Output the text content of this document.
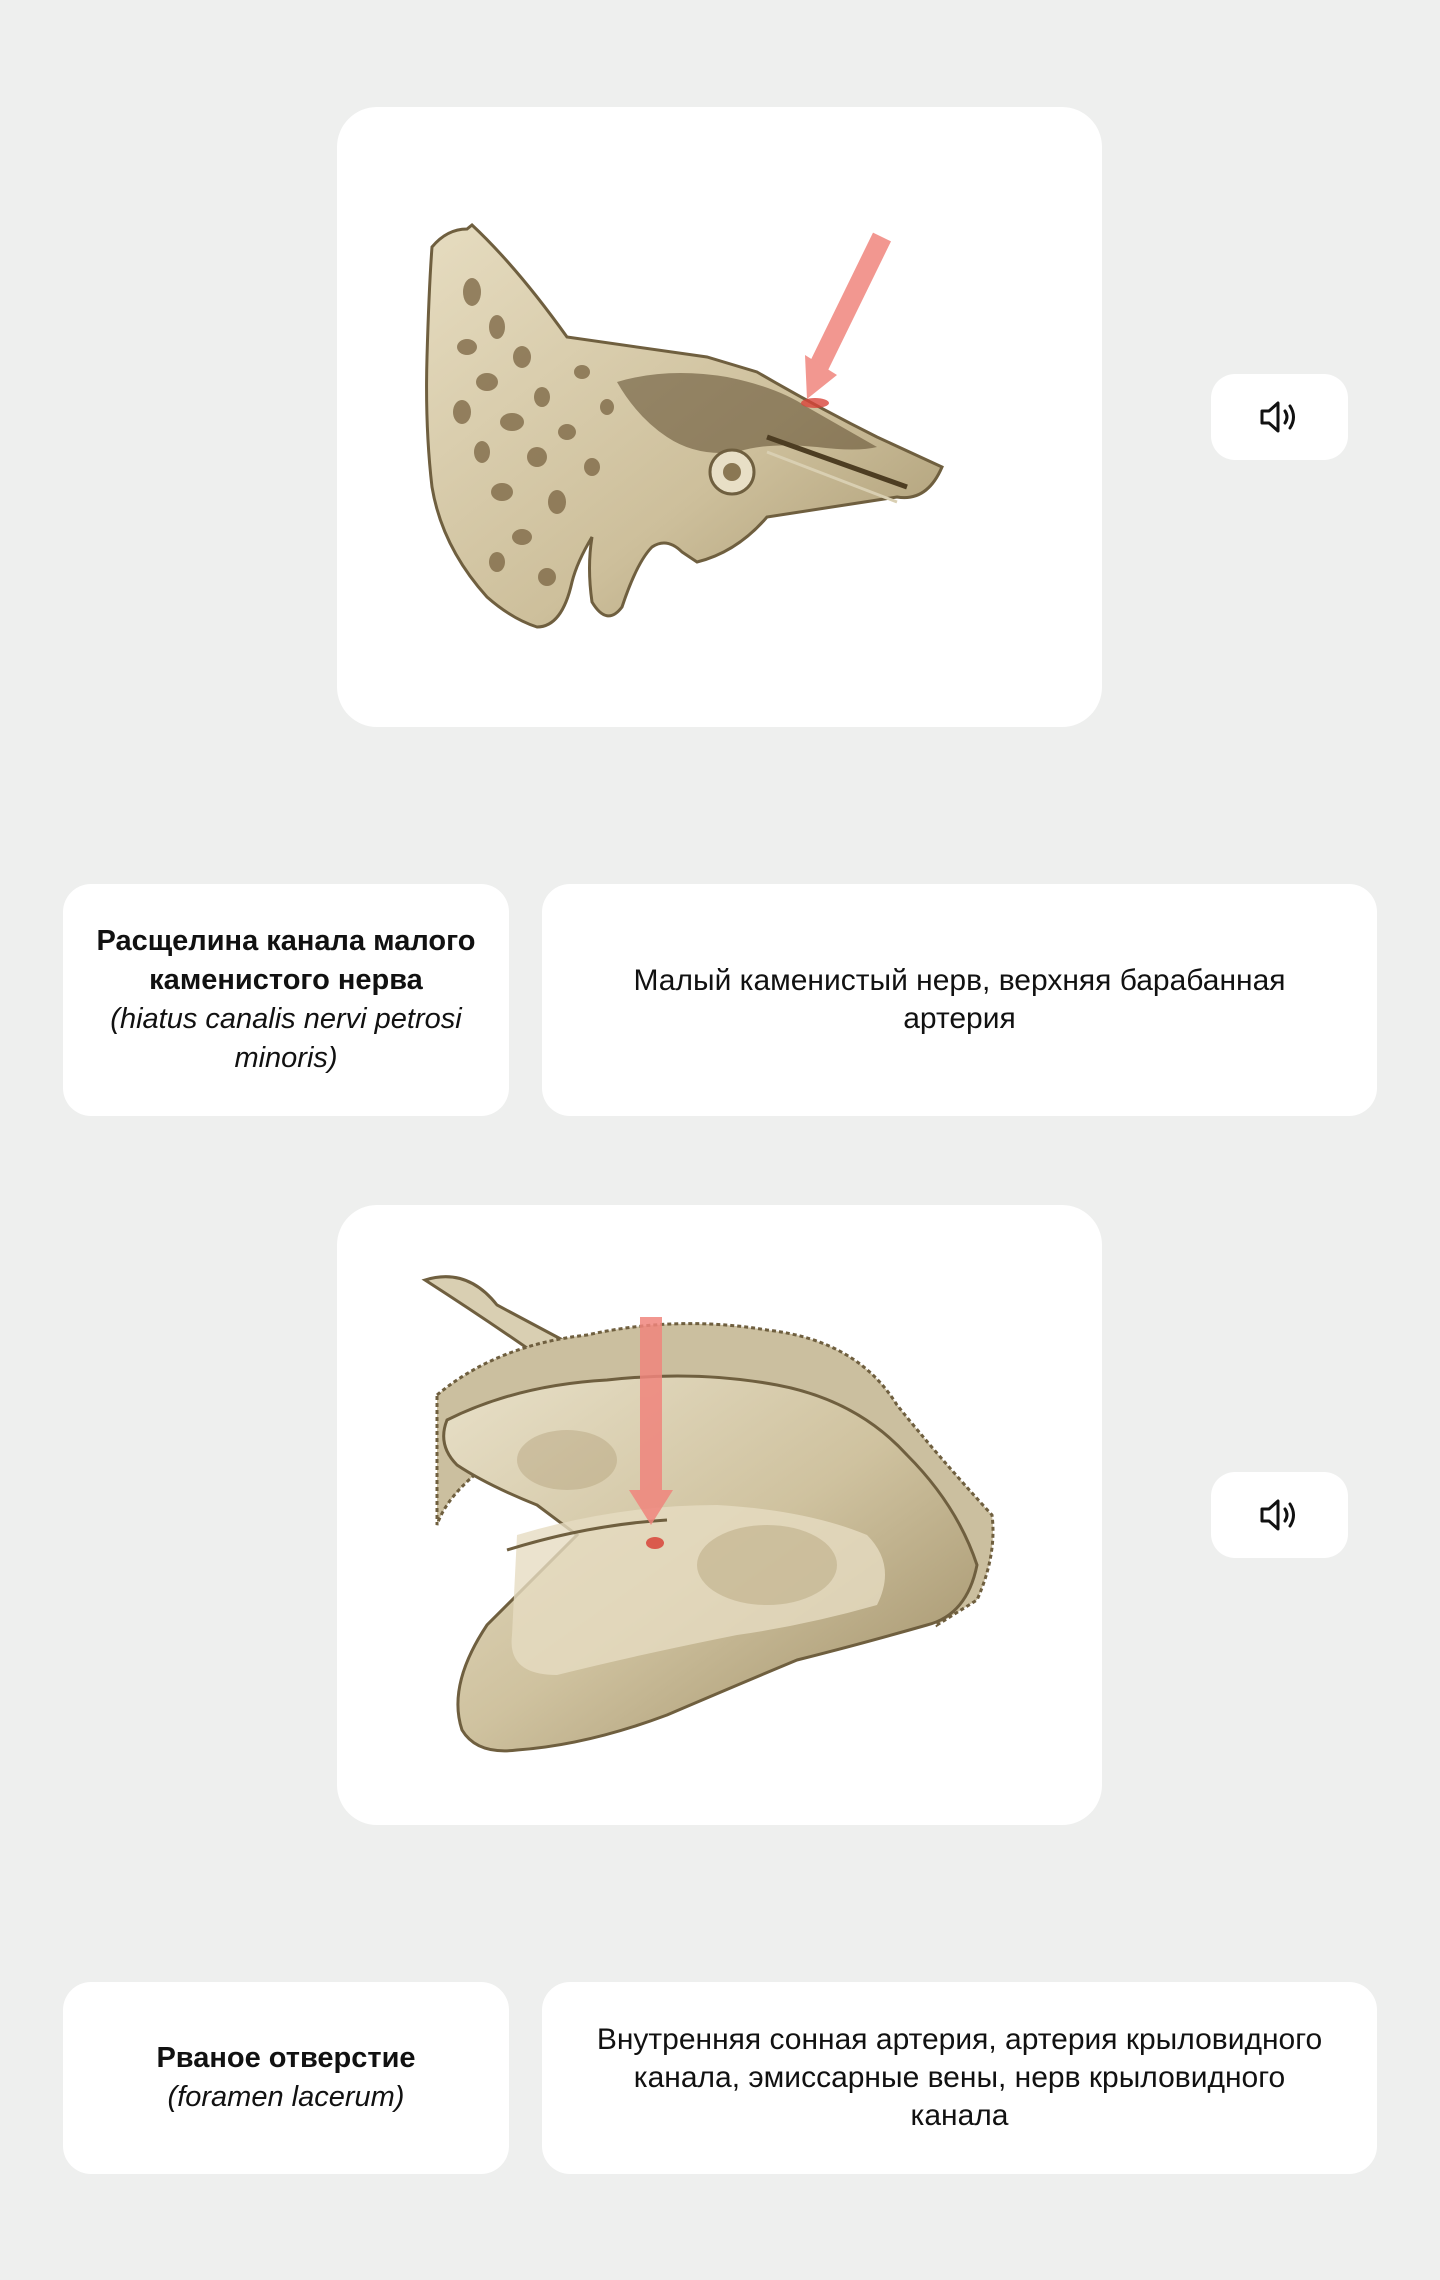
Расщелина канала малого каменистого нерва
(hiatus canalis nervi petrosi minoris)
Малый каменистый нерв, верхняя барабанная артерия
Рваное отверстие
(foramen lacerum)
Внутренняя сонная артерия, артерия крыловидного канала, эмиссарные вены, нерв крыловидного канала
